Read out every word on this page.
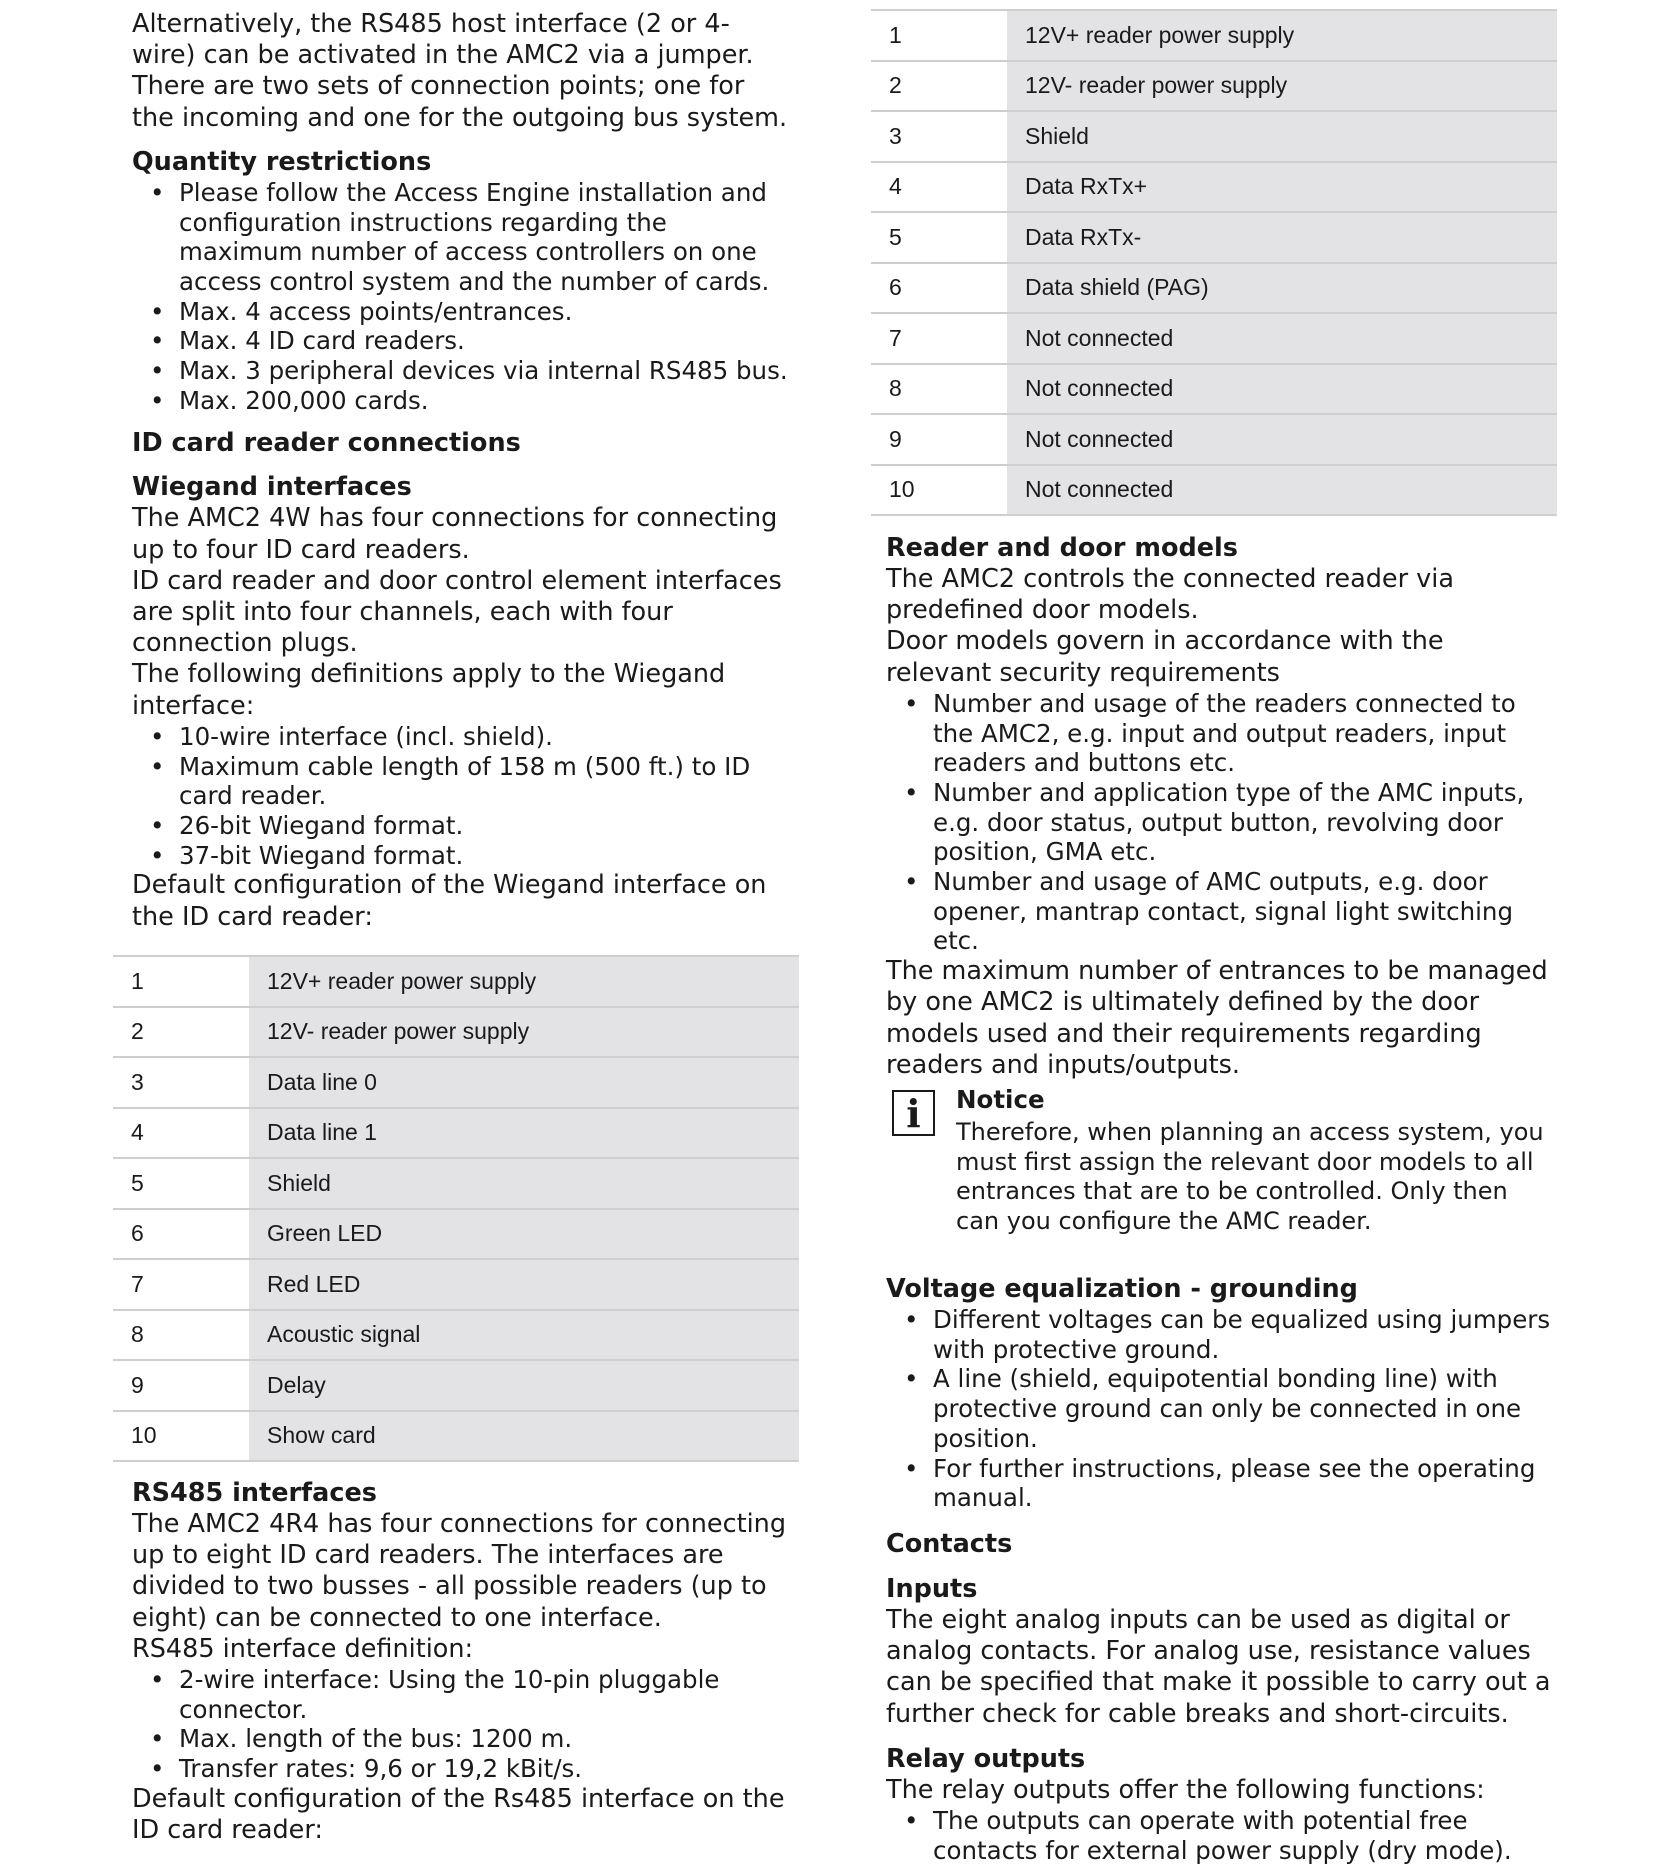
Alternatively, the RS485 host interface (2 or 4-wire) can be activated in the AMC2 via a jumper. There are two sets of connection points; one for the incoming and one for the outgoing bus system.

Quantity restrictions
• Please follow the Access Engine installation and configuration instructions regarding the maximum number of access controllers on one access control system and the number of cards.
• Max. 4 access points/entrances.
• Max. 4 ID card readers.
• Max. 3 peripheral devices via internal RS485 bus.
• Max. 200,000 cards.
ID card reader connections
Wiegand interfaces

The AMC2 4W has four connections for connecting up to four ID card readers.

ID card reader and door control element interfaces are split into four channels, each with four connection plugs.

The following definitions apply to the Wiegand interface:

• 10-wire interface (incl. shield).
• Maximum cable length of 158 m (500 ft.) to ID card reader.
• 26-bit Wiegand format.
• 37-bit Wiegand format.

Default configuration of the Wiegand interface on the ID card reader:

1	12V+ reader power supply
2	12V- reader power supply
3	Data line 0
4	Data line 1
5	Shield
6	Green LED
7	Red LED
8	Acoustic signal
9	Delay
10	Show card
RS485 interfaces

The AMC2 4R4 has four connections for connecting up to eight ID card readers. The interfaces are divided to two busses - all possible readers (up to eight) can be connected to one interface.

RS485 interface definition:

• 2-wire interface: Using the 10-pin pluggable connector.
• Max. length of the bus: 1200 m.
• Transfer rates: 9,6 or 19,2 kBit/s.

Default configuration of the Rs485 interface on the ID card reader:

1	12V+ reader power supply
2	12V- reader power supply
3	Shield
4	Data RxTx+
5	Data RxTx-
6	Data shield (PAG)
7	Not connected
8	Not connected
9	Not connected
10	Not connected
Reader and door models

The AMC2 controls the connected reader via predefined door models.

Door models govern in accordance with the relevant security requirements

• Number and usage of the readers connected to the AMC2, e.g. input and output readers, input readers and buttons etc.
• Number and application type of the AMC inputs, e.g. door status, output button, revolving door position, GMA etc.
• Number and usage of AMC outputs, e.g. door opener, mantrap contact, signal light switching etc.

The maximum number of entrances to be managed by one AMC2 is ultimately defined by the door models used and their requirements regarding readers and inputs/outputs.

i	Notice
Therefore, when planning an access system, you must first assign the relevant door models to all entrances that are to be controlled. Only then can you configure the AMC reader.
Voltage equalization - grounding
• Different voltages can be equalized using jumpers with protective ground.
• A line (shield, equipotential bonding line) with protective ground can only be connected in one position.
• For further instructions, please see the operating manual.
Contacts
Inputs

The eight analog inputs can be used as digital or analog contacts. For analog use, resistance values can be specified that make it possible to carry out a further check for cable breaks and short-circuits.

Relay outputs

The relay outputs offer the following functions:

• The outputs can operate with potential free contacts for external power supply (dry mode).
